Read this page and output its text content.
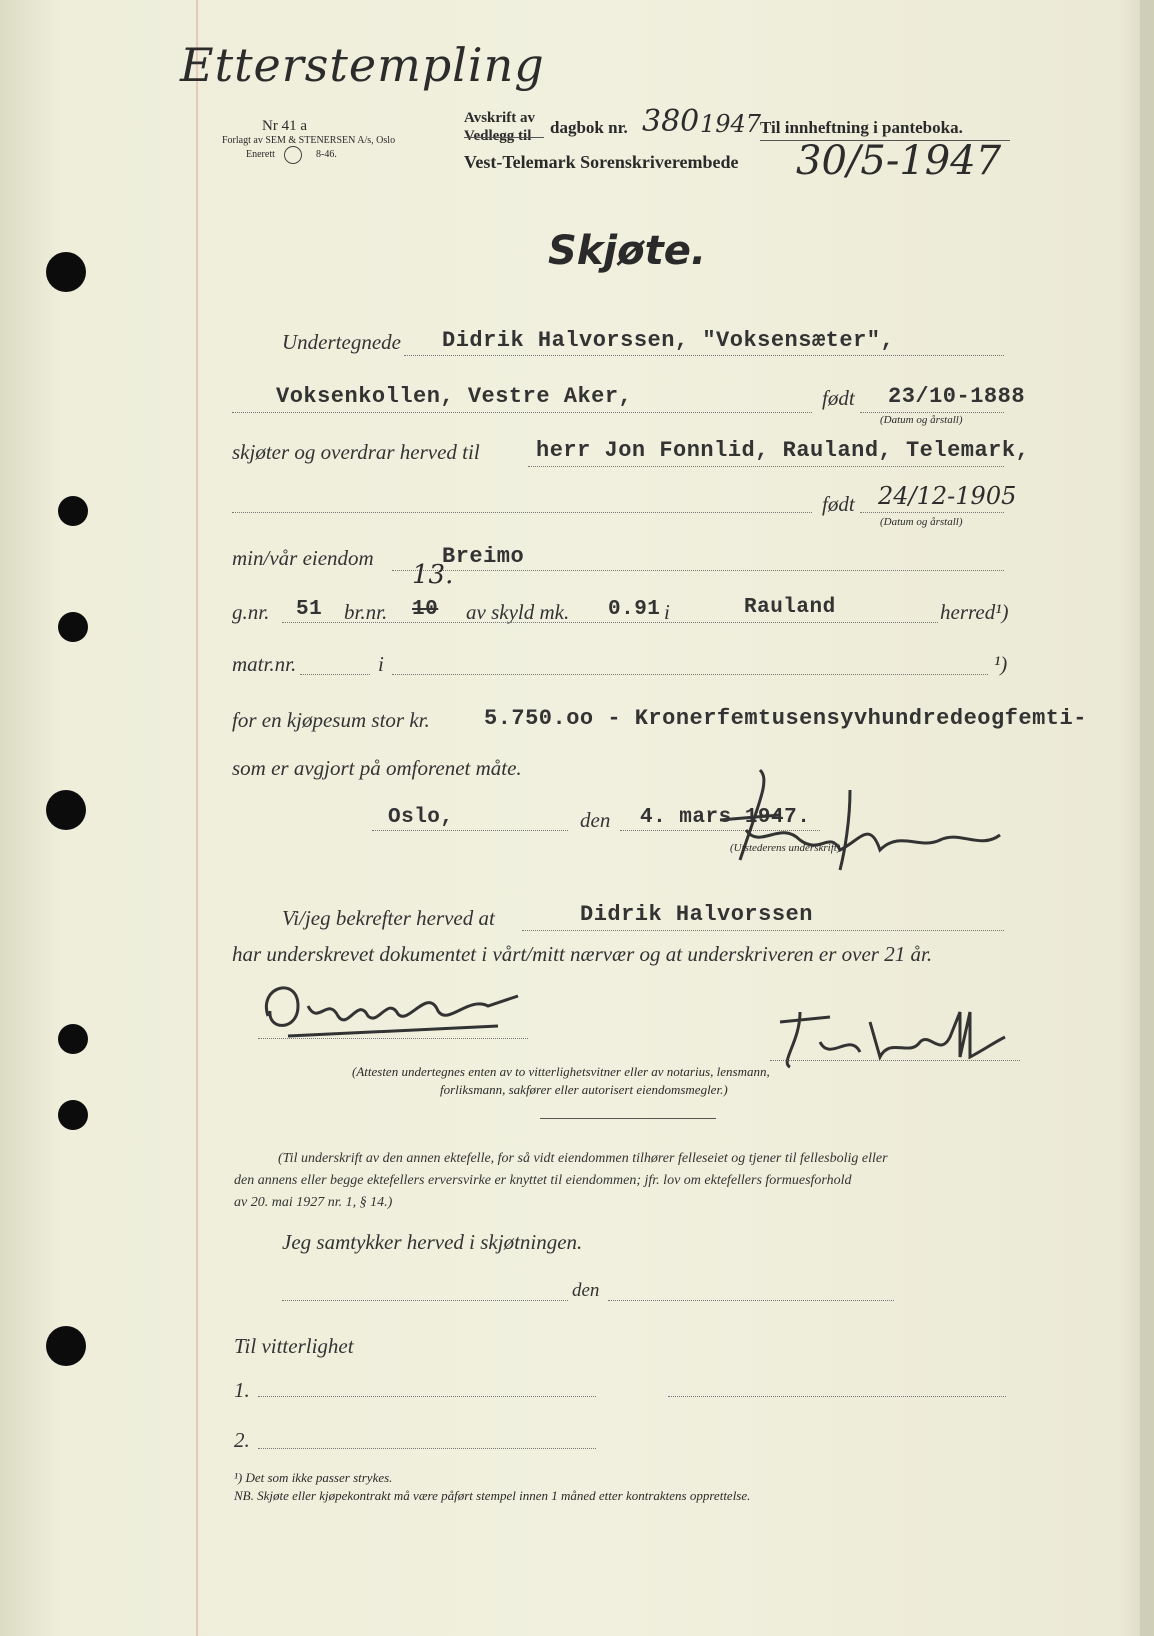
Etterstempling
Nr 41 a
Forlagt av SEM & STENERSEN A/s, Oslo
Enerett	8-46.
Avskrift av
Vedlegg til dagbok nr. 380 1947
Til innheftning i panteboka.
Vest-Telemark Sorenskriverembede 30/5-1947
Skjøte.
Undertegnede Didrik Halvorssen, "Voksensæter",
Voksenkollen, Vestre Aker,	født 23/10-1888
(Datum og årstall)
skjøter og overdrar herved til	herr Jon Fonnlid, Rauland, Telemark,
født 24/12-1905
(Datum og årstall)
min/vår eiendom	Breimo
13.
g.nr. 51 br.nr. 10 av skyld mk. 0.91 i	Rauland	herred¹)
matr.nr.	i	¹)
for en kjøpesum stor kr. 5.750.oo - Kronerfemtusensyvhundredeogfemti-
som er avgjort på omforenet måte.
Oslo,	den 4. mars 1947.
(Utstederens underskrift)
Vi/jeg bekrefter herved at	Didrik Halvorssen
har underskrevet dokumentet i vårt/mitt nærvær og at underskriveren er over 21 år.
(Attesten undertegnes enten av to vitterlighetsvitner eller av notarius, lensmann,
forliksmann, sakfører eller autorisert eiendomsmegler.)
(Til underskrift av den annen ektefelle, for så vidt eiendommen tilhører felleseiet og tjener til fellesbolig eller
den annens eller begge ektefellers erversvirke er knyttet til eiendommen; jfr. lov om ektefellers formuesforhold
av 20. mai 1927 nr. 1, § 14.)
Jeg samtykker herved i skjøtningen.
den
Til vitterlighet
1.
2.
¹) Det som ikke passer strykes.
NB. Skjøte eller kjøpekontrakt må være påført stempel innen 1 måned etter kontraktens opprettelse.
